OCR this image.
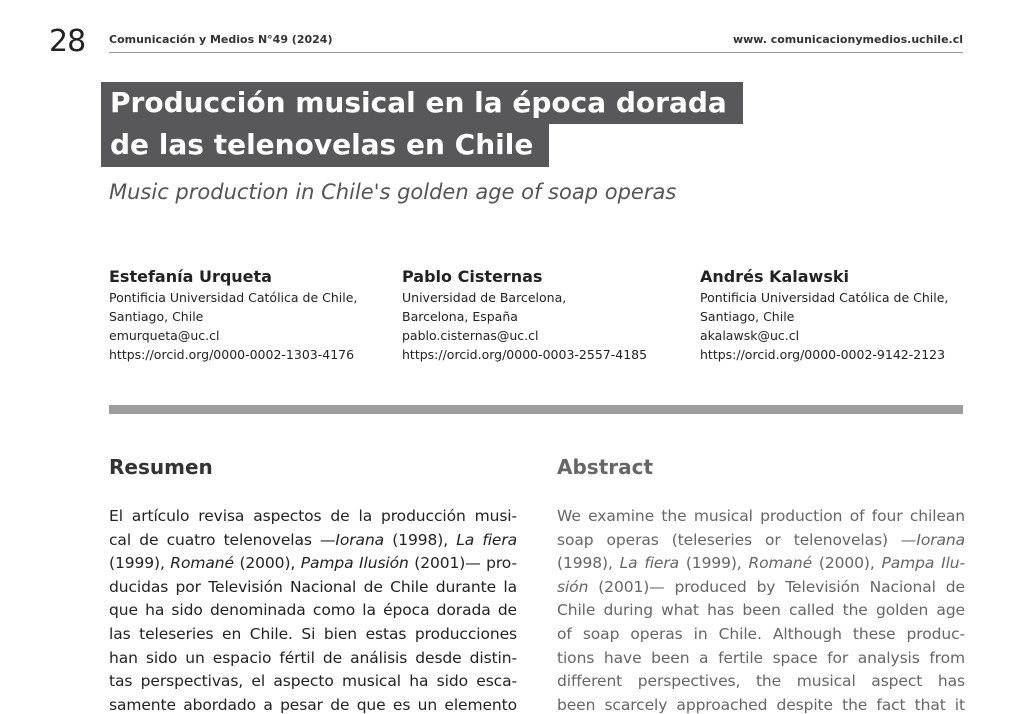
28 Comunicación y Medios N°49 (2024)	www. comunicacionymedios.uchile.cl
Producción musical en la época dorada
de las telenovelas en Chile
Music production in Chile's golden age of soap operas
Estefanía Urqueta
Pontificia Universidad Católica de Chile,
Santiago, Chile
emurqueta@uc.cl
https://orcid.org/0000-0002-1303-4176
Pablo Cisternas
Universidad de Barcelona,
Barcelona, España
pablo.cisternas@uc.cl
https://orcid.org/0000-0003-2557-4185
Andrés Kalawski
Pontificia Universidad Católica de Chile,
Santiago, Chile
akalawsk@uc.cl
https://orcid.org/0000-0002-9142-2123
Resumen	Abstract
El artículo revisa aspectos de la producción musi-
cal de cuatro telenovelas —Iorana (1998), La fiera
(1999), Romané (2000), Pampa Ilusión (2001)— pro-
ducidas por Televisión Nacional de Chile durante la
que ha sido denominada como la época dorada de
las teleseries en Chile. Si bien estas producciones
han sido un espacio fértil de análisis desde distin-
tas perspectivas, el aspecto musical ha sido esca-
samente abordado a pesar de que es un elemento
We examine the musical production of four chilean
soap operas (teleseries or telenovelas) —Iorana
(1998), La fiera (1999), Romané (2000), Pampa Ilu-
sión (2001)— produced by Televisión Nacional de
Chile during what has been called the golden age
of soap operas in Chile. Although these produc-
tions have been a fertile space for analysis from
different perspectives, the musical aspect has
been scarcely approached despite the fact that it
